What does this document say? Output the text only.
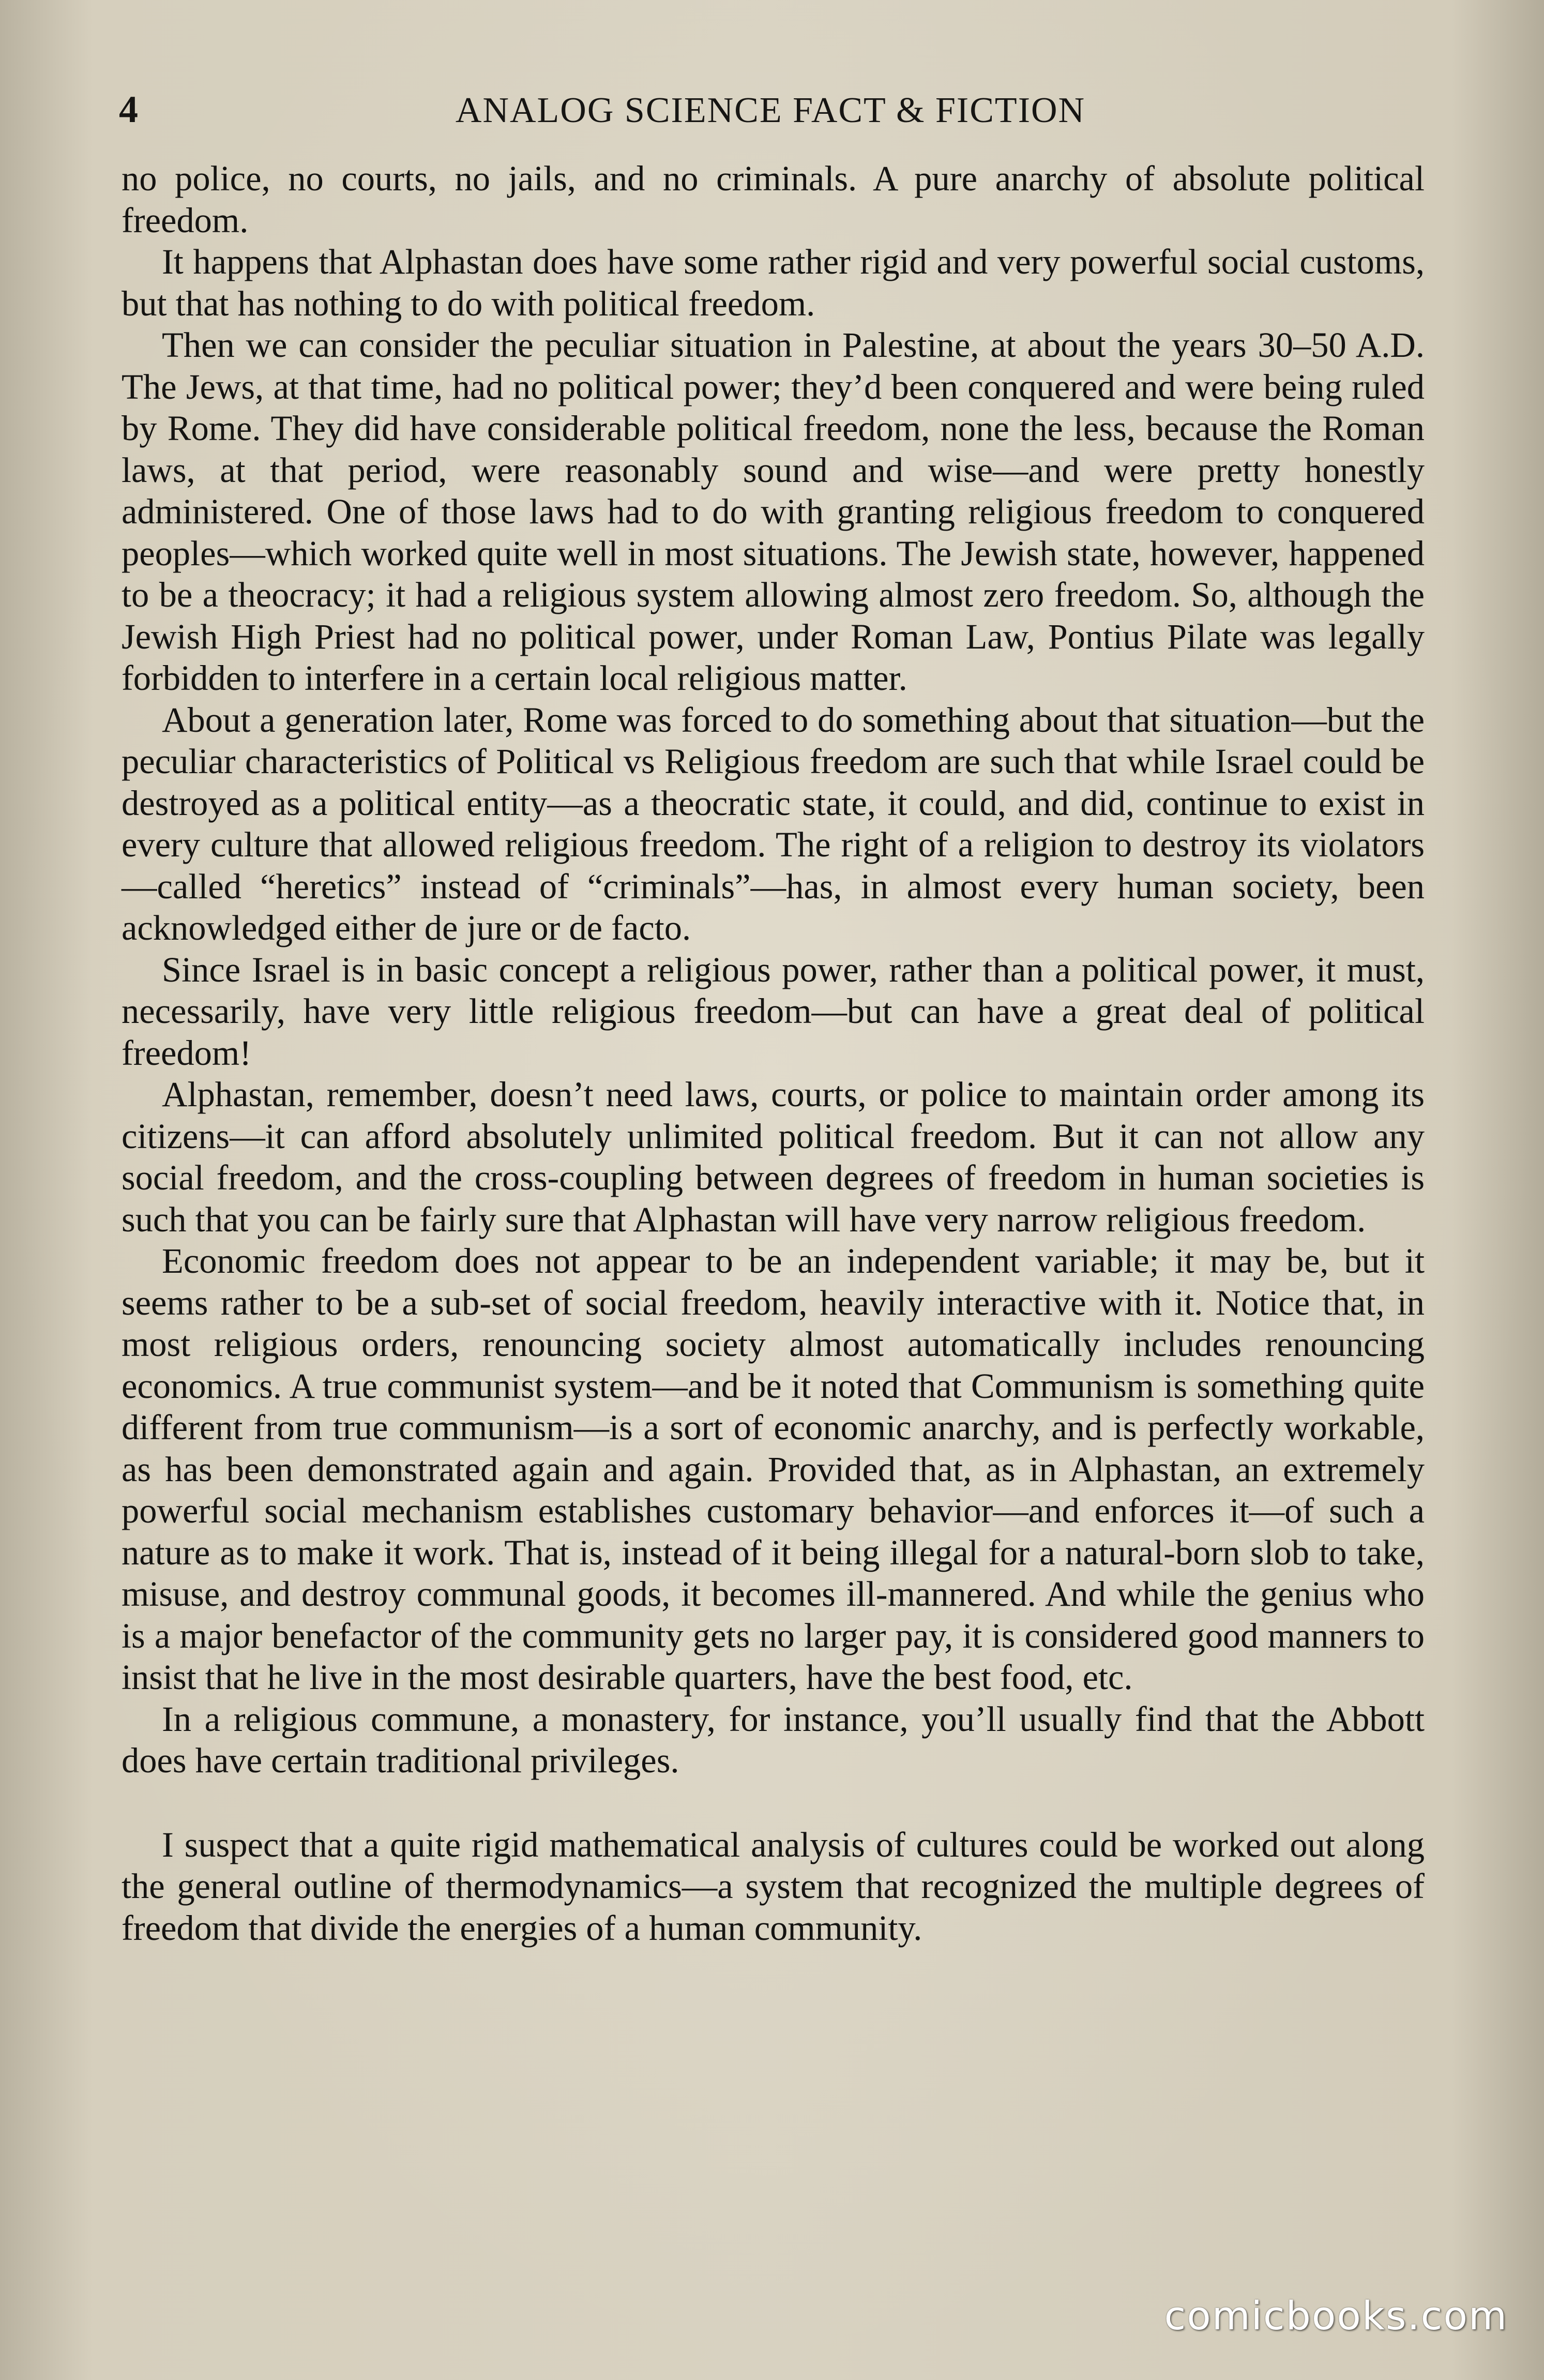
4	ANALOG SCIENCE FACT & FICTION

no police, no courts, no jails, and no criminals. A pure anarchy of absolute political freedom.

It happens that Alphastan does have some rather rigid and very powerful social customs, but that has nothing to do with political freedom.

Then we can consider the peculiar situation in Palestine, at about the years 30–50 A.D. The Jews, at that time, had no political power; they’d been conquered and were being ruled by Rome. They did have considerable political freedom, none the less, because the Roman laws, at that period, were reasonably sound and wise—and were pretty honestly administered. One of those laws had to do with granting religious freedom to conquered peoples—which worked quite well in most situations. The Jewish state, however, happened to be a theocracy; it had a religious system allowing almost zero freedom. So, although the Jewish High Priest had no political power, under Roman Law, Pontius Pilate was legally forbidden to interfere in a certain local religious matter.

About a generation later, Rome was forced to do something about that situation—but the peculiar characteristics of Political vs Religious freedom are such that while Israel could be destroyed as a political entity—as a theocratic state, it could, and did, continue to exist in every culture that allowed religious freedom. The right of a religion to destroy its violators—called “heretics” instead of “criminals”—has, in almost every human society, been acknowledged either de jure or de facto.

Since Israel is in basic concept a religious power, rather than a political power, it must, necessarily, have very little religious freedom—but can have a great deal of political freedom!

Alphastan, remember, doesn’t need laws, courts, or police to maintain order among its citizens—it can afford absolutely unlimited political freedom. But it can not allow any social freedom, and the cross-coupling between degrees of freedom in human societies is such that you can be fairly sure that Alphastan will have very narrow religious freedom.

Economic freedom does not appear to be an independent variable; it may be, but it seems rather to be a sub-set of social freedom, heavily interactive with it. Notice that, in most religious orders, renouncing society almost automatically includes renouncing economics. A true communist system—and be it noted that Communism is something quite different from true communism—is a sort of economic anarchy, and is perfectly workable, as has been demonstrated again and again. Provided that, as in Alphastan, an extremely powerful social mechanism establishes customary behavior—and enforces it—of such a nature as to make it work. That is, instead of it being illegal for a natural-born slob to take, misuse, and destroy communal goods, it becomes ill-mannered. And while the genius who is a major benefactor of the community gets no larger pay, it is considered good manners to insist that he live in the most desirable quarters, have the best food, etc.

In a religious commune, a monastery, for instance, you’ll usually find that the Abbott does have certain traditional privileges.

I suspect that a quite rigid mathematical analysis of cultures could be worked out along the general outline of thermodynamics—a system that recognized the multiple degrees of freedom that divide the energies of a human community.

comicbooks.com
